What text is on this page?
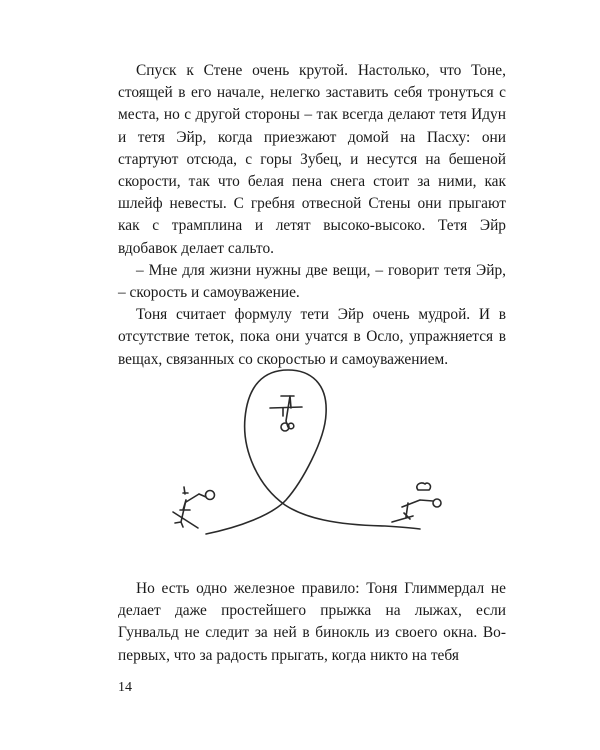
Спуск к Стене очень крутой. Настолько, что Тоне, стоящей в его начале, нелегко заставить себя тронуться с места, но с другой стороны – так всегда делают тетя Идун и тетя Эйр, когда приезжают домой на Пасху: они стартуют отсюда, с горы Зубец, и несутся на бешеной скорости, так что белая пена снега стоит за ними, как шлейф невесты. С гребня отвесной Стены они прыгают как с трамплина и летят высоко-высоко. Тетя Эйр вдобавок делает сальто.

– Мне для жизни нужны две вещи, – говорит тетя Эйр, – скорость и самоуважение.

Тоня считает формулу тети Эйр очень мудрой. И в отсутствие теток, пока они учатся в Осло, упражняется в вещах, связанных со скоростью и самоуважением.

Но есть одно железное правило: Тоня Глиммердал не делает даже простейшего прыжка на лыжах, если Гунвальд не следит за ней в бинокль из своего окна. Во-первых, что за радость прыгать, когда никто на тебя

14
